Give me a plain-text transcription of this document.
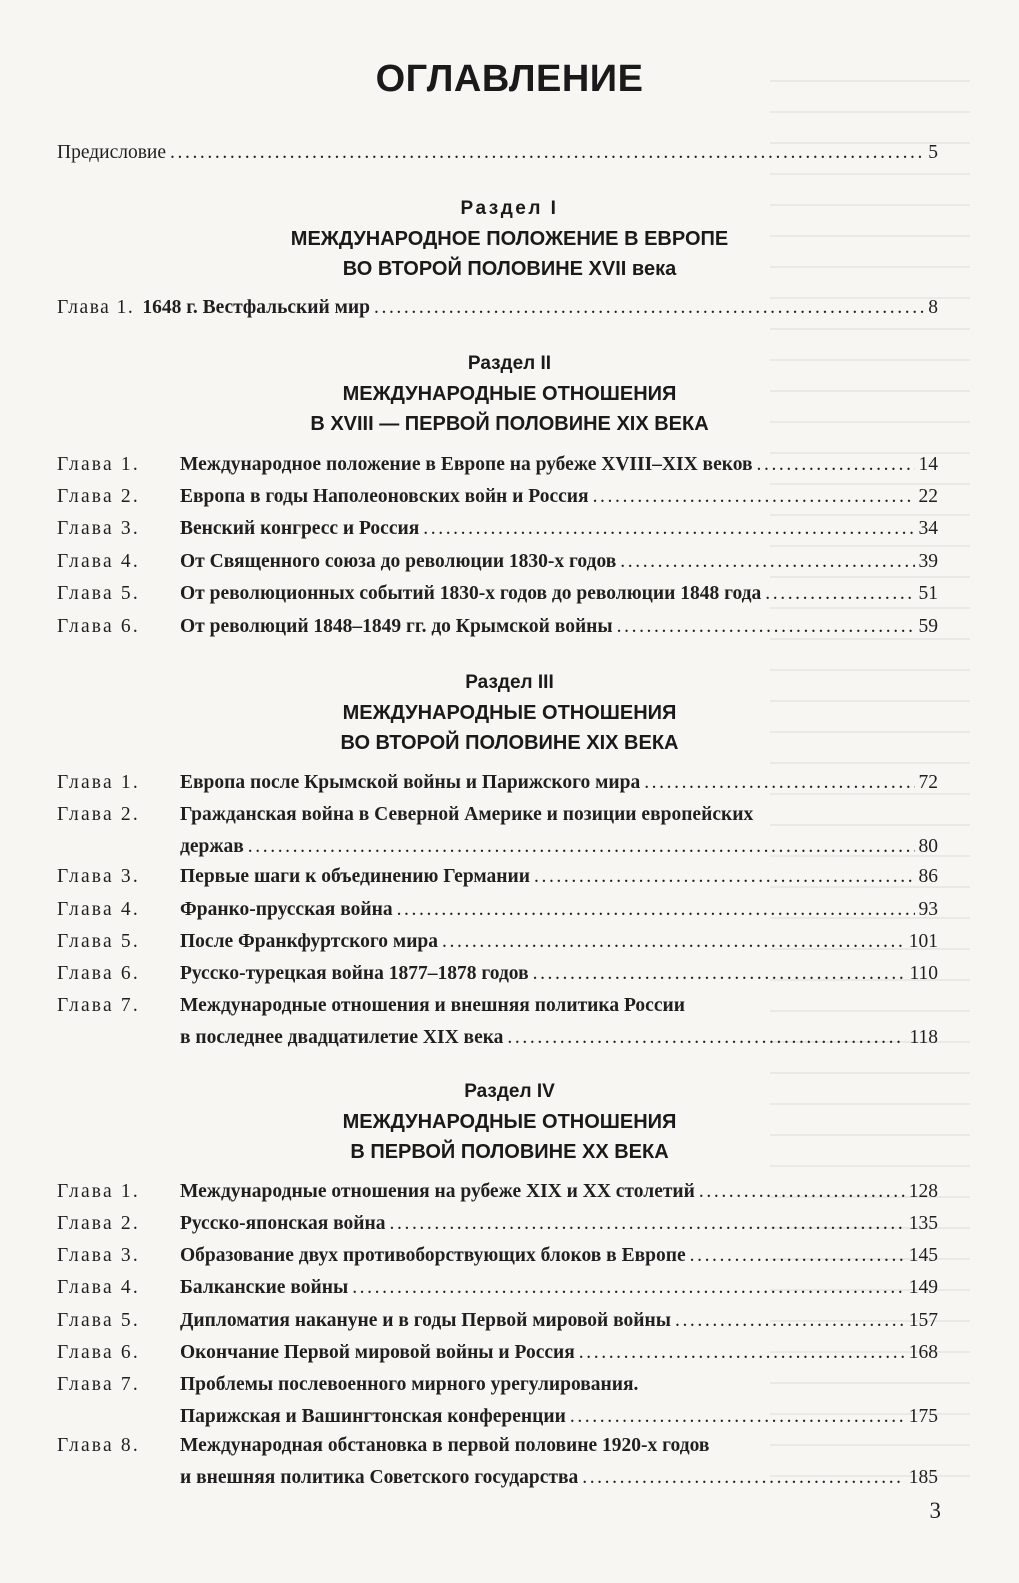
ОГЛАВЛЕНИЕ
Предисловие .....	5
Раздел I
МЕЖДУНАРОДНОЕ ПОЛОЖЕНИЕ В ЕВРОПЕ
ВО ВТОРОЙ ПОЛОВИНЕ XVII века
Глава 1. 1648 г. Вестфальский мир .....	8
Раздел II
МЕЖДУНАРОДНЫЕ ОТНОШЕНИЯ
В XVIII — ПЕРВОЙ ПОЛОВИНЕ XIX ВЕКА
Глава 1.	Международное положение в Европе на рубеже XVIII–XIX веков .....	14
Глава 2.	Европа в годы Наполеоновских войн и Россия .....	22
Глава 3.	Венский конгресс и Россия .....	34
Глава 4.	От Священного союза до революции 1830-х годов .....	39
Глава 5.	От революционных событий 1830-х годов до революции 1848 года .....	51
Глава 6.	От революций 1848–1849 гг. до Крымской войны .....	59
Раздел III
МЕЖДУНАРОДНЫЕ ОТНОШЕНИЯ
ВО ВТОРОЙ ПОЛОВИНЕ XIX ВЕКА
Глава 1.	Европа после Крымской войны и Парижского мира .....	72
Глава 2.	Гражданская война в Северной Америке и позиции европейских
держав .....	80
Глава 3.	Первые шаги к объединению Германии .....	86
Глава 4.	Франко-прусская война .....	93
Глава 5.	После Франкфуртского мира .....	101
Глава 6.	Русско-турецкая война 1877–1878 годов .....	110
Глава 7.	Международные отношения и внешняя политика России
в последнее двадцатилетие XIX века .....	118
Раздел IV
МЕЖДУНАРОДНЫЕ ОТНОШЕНИЯ
В ПЕРВОЙ ПОЛОВИНЕ XX ВЕКА
Глава 1.	Международные отношения на рубеже XIX и XX столетий .....	128
Глава 2.	Русско-японская война .....	135
Глава 3.	Образование двух противоборствующих блоков в Европе .....	145
Глава 4.	Балканские войны .....	149
Глава 5.	Дипломатия накануне и в годы Первой мировой войны .....	157
Глава 6.	Окончание Первой мировой войны и Россия .....	168
Глава 7.	Проблемы послевоенного мирного урегулирования.
Парижская и Вашингтонская конференции .....	175
Глава 8.	Международная обстановка в первой половине 1920-х годов
и внешняя политика Советского государства .....	185
3
